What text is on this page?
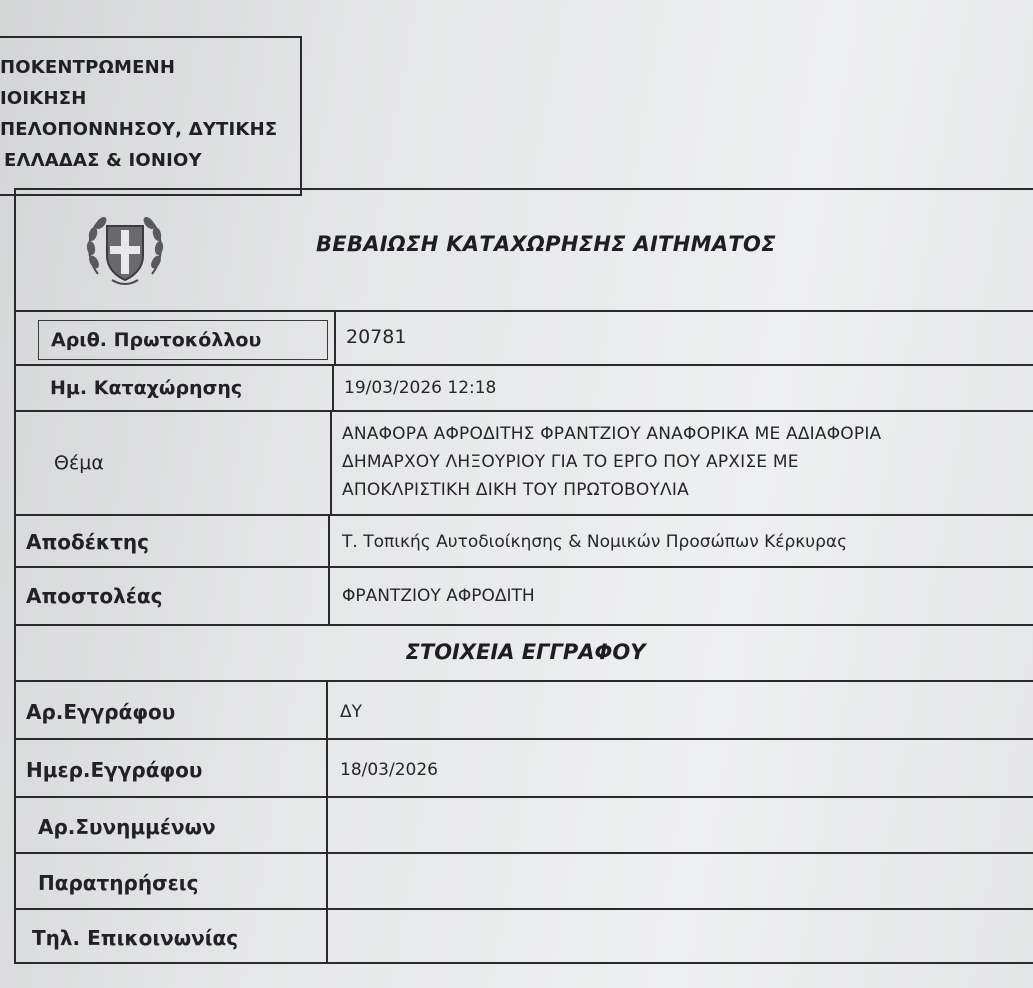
ΠΟΚΕΝΤΡΩΜΕΝΗ
ΙΟΙΚΗΣΗ
ΠΕΛΟΠΟΝΝΗΣΟΥ, ΔΥΤΙΚΗΣ
ΕΛΛΑΔΑΣ & ΙΟΝΙΟΥ
ΒΕΒΑΙΩΣΗ ΚΑΤΑΧΩΡΗΣΗΣ ΑΙΤΗΜΑΤΟΣ
Αριθ. Πρωτοκόλλου	20781
Ημ. Καταχώρησης	19/03/2026 12:18
Θέμα
ΑΝΑΦΟΡΑ ΑΦΡΟΔΙΤΗΣ ΦΡΑΝΤΖΙΟΥ ΑΝΑΦΟΡΙΚΑ ΜΕ ΑΔΙΑΦΟΡΙΑ
ΔΗΜΑΡΧΟΥ ΛΗΞΟΥΡΙΟΥ ΓΙΑ ΤΟ ΕΡΓΟ ΠΟΥ ΑΡΧΙΣΕ ΜΕ
ΑΠΟΚΛΡΙΣΤΙΚΗ ΔΙΚΗ ΤΟΥ ΠΡΩΤΟΒΟΥΛΙΑ
Αποδέκτης	Τ. Τοπικής Αυτοδιοίκησης & Νομικών Προσώπων Κέρκυρας
Αποστολέας	ΦΡΑΝΤΖΙΟΥ ΑΦΡΟΔΙΤΗ
ΣΤΟΙΧΕΙΑ ΕΓΓΡΑΦΟΥ
Αρ.Εγγράφου	ΔΥ
Ημερ.Εγγράφου	18/03/2026
Αρ.Συνημμένων
Παρατηρήσεις
Τηλ. Επικοινωνίας
